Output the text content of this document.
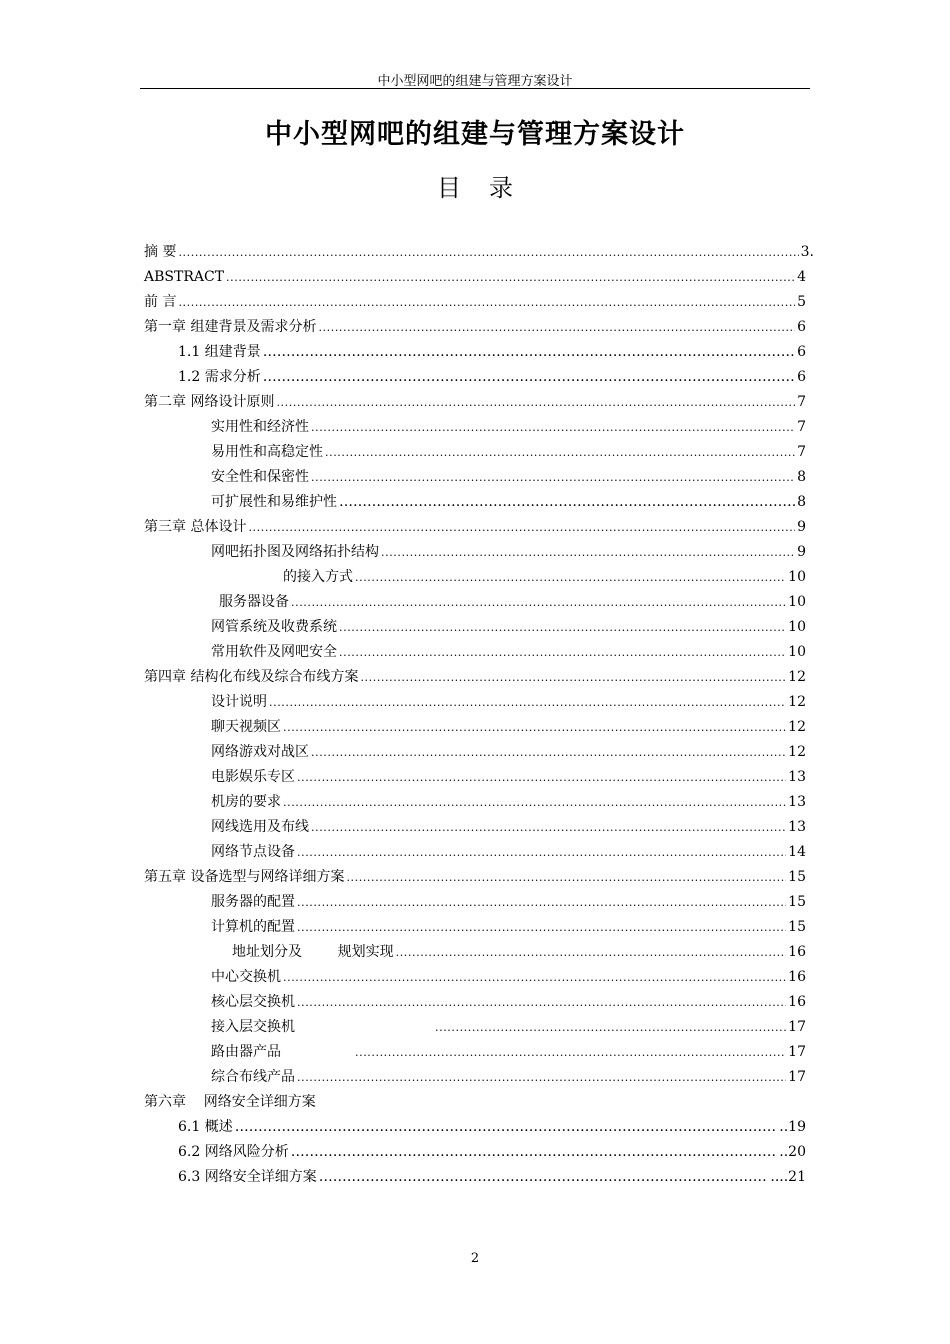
中小型网吧的组建与管理方案设计
中小型网吧的组建与管理方案设计
目录
摘 要 .....	3.
ABSTRACT .....	4
前 言 .....	5
第一章 组建背景及需求分析 .....	6
1.1 组建背景 ……………………………………………………………………………………………………………………………………………………	6
1.2 需求分析 ……………………………………………………………………………………………………………………………………………………	6
第二章 网络设计原则 .....	7
实用性和经济性 .....	7
易用性和高稳定性 .....	7
安全性和保密性 .....	8
可扩展性和易维护性 ……………………………………………………………………………………………………………………………………………………	8
第三章 总体设计 .....	9
网吧拓扑图及网络拓扑结构 .....	9
的接入方式 .....	10
服务器设备 .....	10
网管系统及收费系统 .....	10
常用软件及网吧安全 .....	10
第四章 结构化布线及综合布线方案 .....	12
设计说明 .....	12
聊天视频区 .....	12
网络游戏对战区 .....	12
电影娱乐专区 .....	13
机房的要求 .....	13
网线选用及布线 .....	13
网络节点设备 .....	14
第五章 设备选型与网络详细方案 .....	15
服务器的配置 .....	15
计算机的配置 .....	15
地址划分及        规划实现 .....	16
中心交换机 .....	16
核心层交换机 .....	16
接入层交换机 .....	17
路由器产品 .....	17
综合布线产品 .....	17
第六章    网络安全详细方案
6.1 概述 ……………………………………………………………………………………………………………………………………………………	..19
6.2 网络风险分析 ……………………………………………………………………………………………………………………………………………………	..20
6.3 网络安全详细方案 ……………………………………………………………………………………………………………………………………………………	....21
2
